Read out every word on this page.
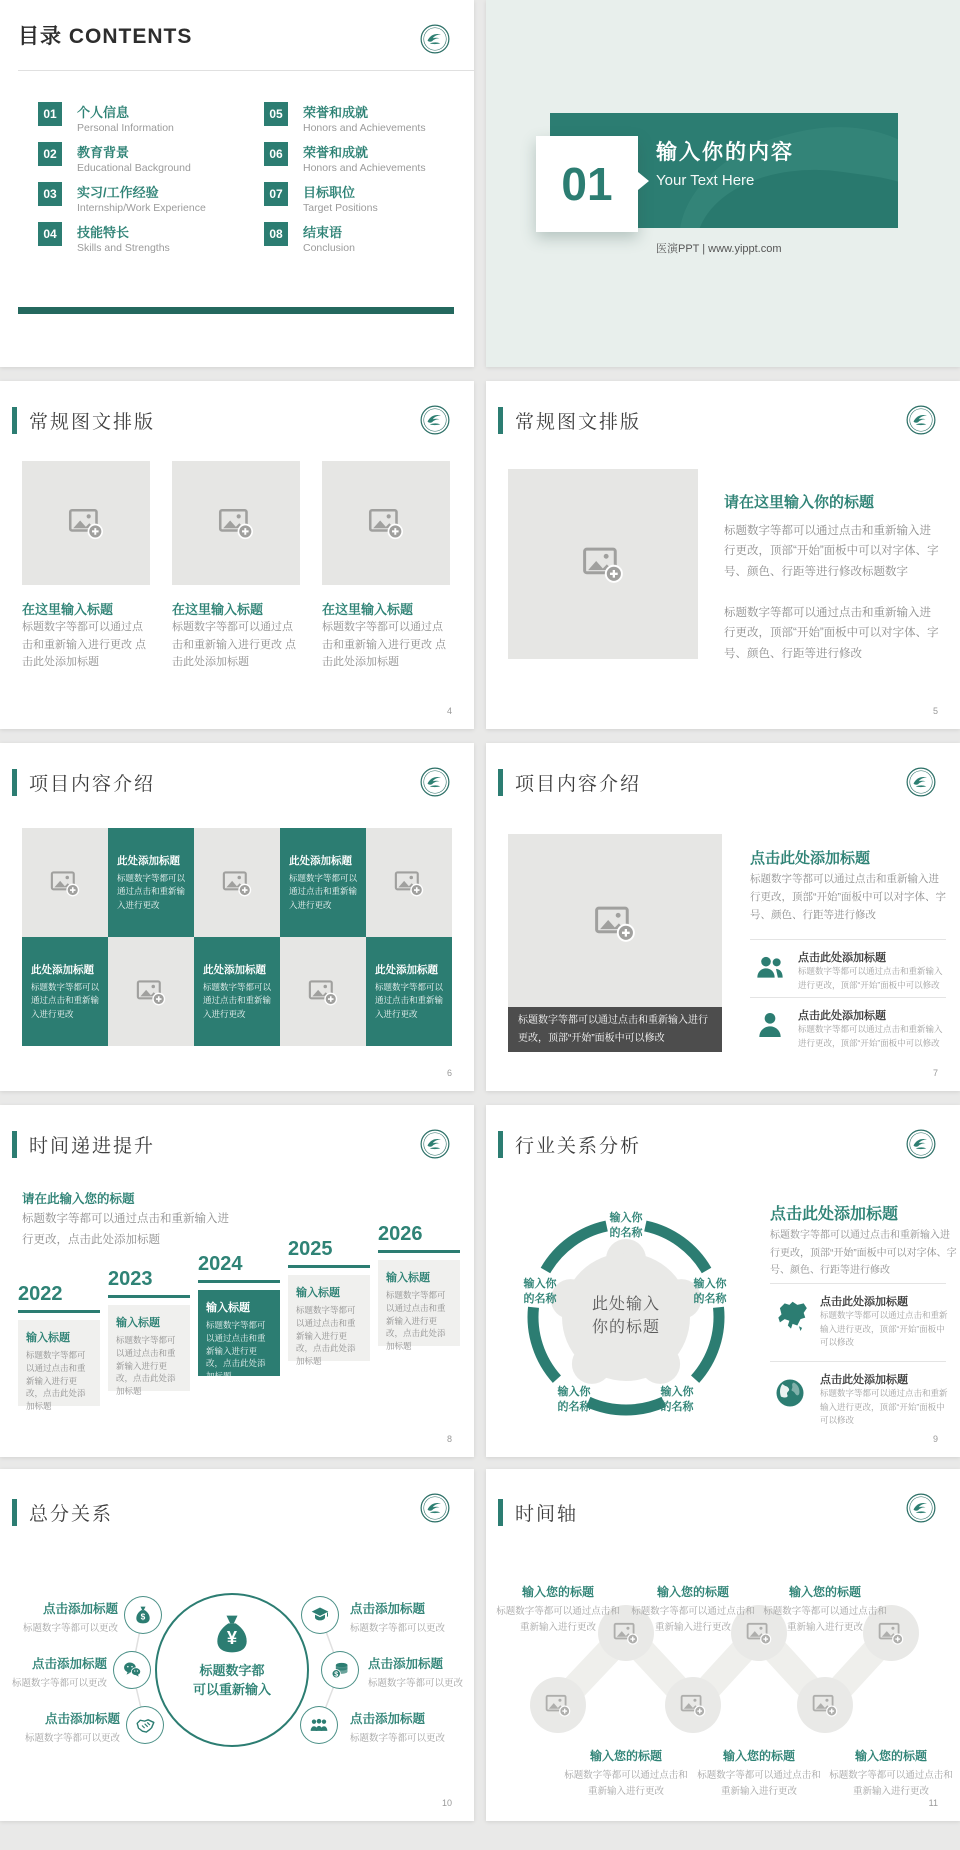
目录 CONTENTS
01	个人信息
Personal Information
02	教育背景
Educational Background
03	实习/工作经验
Internship/Work Experience
04	技能特长
Skills and Strengths
05	荣誉和成就
Honors and Achievements
06	荣誉和成就
Honors and Achievements
07	目标职位
Target Positions
08	结束语
Conclusion
输入你的内容
Your Text Here
01
医演PPT | www.yippt.com
常规图文排版
在这里输入标题	在这里输入标题	在这里输入标题
标题数字等都可以通过点击和重新输入进行更改 点击此处添加标题
标题数字等都可以通过点击和重新输入进行更改 点击此处添加标题
标题数字等都可以通过点击和重新输入进行更改 点击此处添加标题
4
常规图文排版
请在这里输入你的标题
标题数字等都可以通过点击和重新输入进行更改，顶部“开始”面板中可以对字体、字号、颜色、行距等进行修改标题数字
标题数字等都可以通过点击和重新输入进行更改，顶部“开始”面板中可以对字体、字号、颜色、行距等进行修改
5
项目内容介绍
此处添加标题
标题数字等都可以通过点击和重新输入进行更改
此处添加标题
标题数字等都可以通过点击和重新输入进行更改
此处添加标题
标题数字等都可以通过点击和重新输入进行更改
此处添加标题
标题数字等都可以通过点击和重新输入进行更改
此处添加标题
标题数字等都可以通过点击和重新输入进行更改
6
项目内容介绍
标题数字等都可以通过点击和重新输入进行更改，顶部“开始”面板中可以修改
点击此处添加标题
标题数字等都可以通过点击和重新输入进行更改，顶部“开始”面板中可以对字体、字号、颜色、行距等进行修改
点击此处添加标题
标题数字等都可以通过点击和重新输入进行更改，顶部“开始”面板中可以修改
点击此处添加标题
标题数字等都可以通过点击和重新输入进行更改，顶部“开始”面板中可以修改
7
时间递进提升
请在此输入您的标题
标题数字等都可以通过点击和重新输入进行更改，点击此处添加标题
2022
输入标题
标题数字等都可以通过点击和重新输入进行更改，点击此处添加标题
2023
输入标题
标题数字等都可以通过点击和重新输入进行更改，点击此处添加标题
2024
输入标题
标题数字等都可以通过点击和重新输入进行更改，点击此处添加标题
2025
输入标题
标题数字等都可以通过点击和重新输入进行更改，点击此处添加标题
2026
输入标题
标题数字等都可以通过点击和重新输入进行更改，点击此处添加标题
8
行业关系分析
此处输入
你的标题
输入你的名称
输入你的名称
输入你的名称
输入你的名称
输入你的名称
点击此处添加标题
标题数字等都可以通过点击和重新输入进行更改，顶部“开始”面板中可以对字体、字号、颜色、行距等进行修改
点击此处添加标题
标题数字等都可以通过点击和重新输入进行更改，顶部“开始”面板中可以修改
点击此处添加标题
标题数字等都可以通过点击和重新输入进行更改，顶部“开始”面板中可以修改
9
总分关系
标题数字都
可以重新输入
点击添加标题
标题数字等都可以更改
点击添加标题
标题数字等都可以更改
点击添加标题
标题数字等都可以更改
点击添加标题
标题数字等都可以更改
点击添加标题
标题数字等都可以更改
点击添加标题
标题数字等都可以更改
10
时间轴
输入您的标题
标题数字等都可以通过点击和重新输入进行更改
输入您的标题
标题数字等都可以通过点击和重新输入进行更改
输入您的标题
标题数字等都可以通过点击和重新输入进行更改
输入您的标题
标题数字等都可以通过点击和重新输入进行更改
输入您的标题
标题数字等都可以通过点击和重新输入进行更改
输入您的标题
标题数字等都可以通过点击和重新输入进行更改
11
